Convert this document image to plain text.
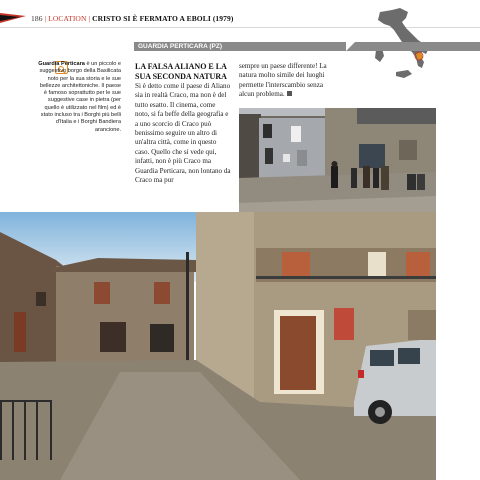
186 | LOCATION | CRISTO SI È FERMATO A EBOLI (1979)
GUARDIA PERTICARA (PZ)
Guardia Perticara è un piccolo e suggestivo borgo della Basilicata noto per la sua storia e le sue bellezze architettoniche. Il paese è famoso soprattutto per le sue suggestive case in pietra (per quello è utilizzato nel film) ed è stato incluso tra i Borghi più belli d'Italia e i Borghi Bandiera arancione.
LA FALSA ALIANO E LA SUA SECONDA NATURA
Si è detto come il paese di Aliano sia in realtà Craco, ma non è del tutto esatto. Il cinema, come noto, si fa beffe della geografia e a uno scorcio di Craco può benissimo seguire un altro di un'altra città, come in questo caso. Quello che si vede qui, infatti, non è più Craco ma Guardia Perticara, non lontano da Craco ma pur
sempre un paese differente! La natura molto simile dei luoghi permette l'interscambio senza alcun problema.
